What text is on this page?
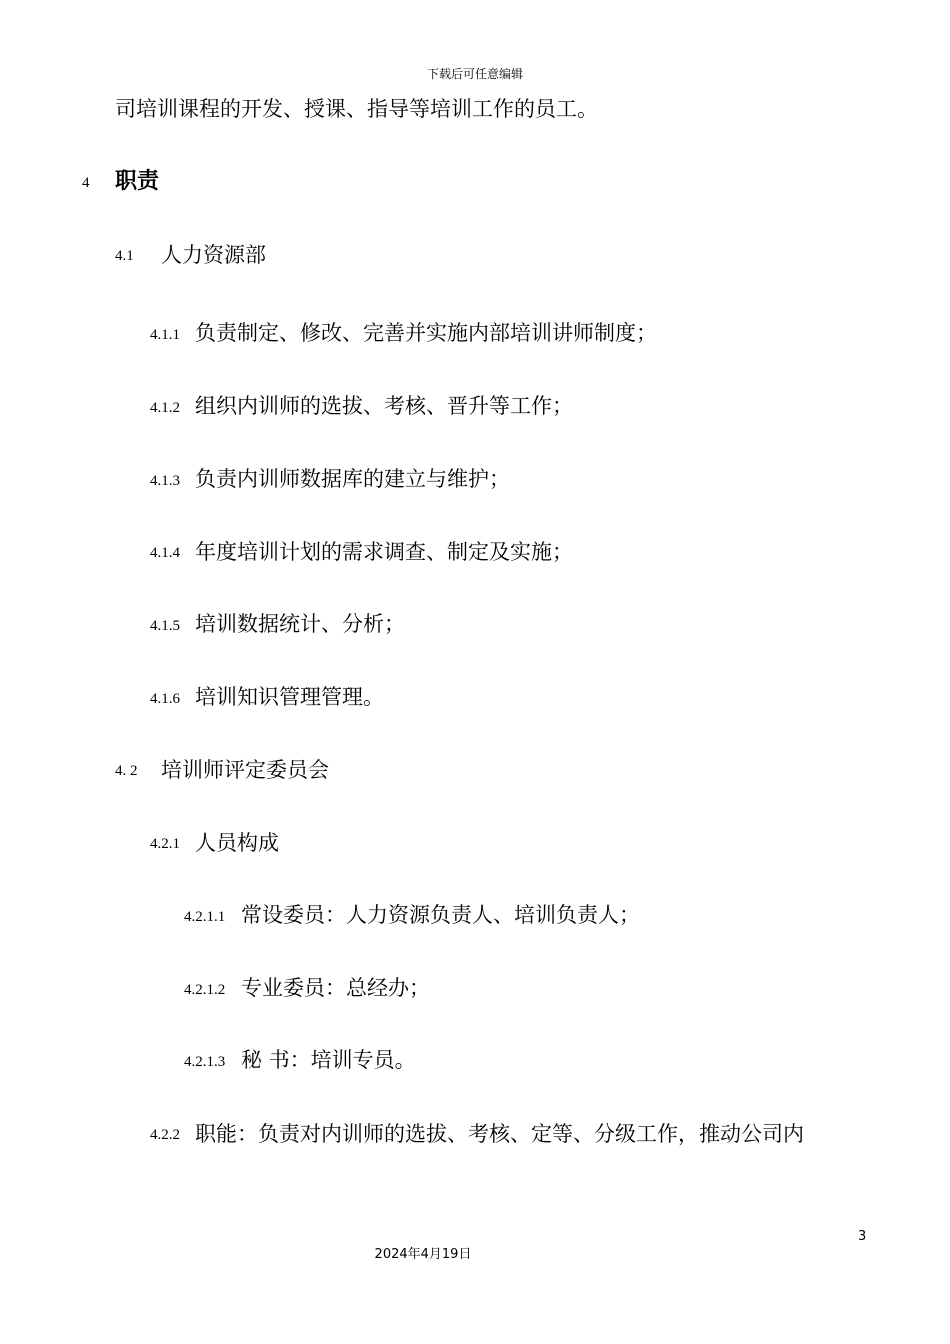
下载后可任意编辑
司培训课程的开发、授课、指导等培训工作的员工。
4 职责
4.1 人力资源部
4.1.1 负责制定、修改、完善并实施内部培训讲师制度；
4.1.2 组织内训师的选拔、考核、晋升等工作；
4.1.3 负责内训师数据库的建立与维护；
4.1.4 年度培训计划的需求调查、制定及实施；
4.1.5 培训数据统计、分析；
4.1.6 培训知识管理管理。
4. 2 培训师评定委员会
4.2.1 人员构成
4.2.1.1 常设委员：人力资源负责人、培训负责人；
4.2.1.2 专业委员：总经办；
4.2.1.3 秘 书：培训专员。
4.2.2 职能：负责对内训师的选拔、考核、定等、分级工作，推动公司内
3
2024年4月19日
